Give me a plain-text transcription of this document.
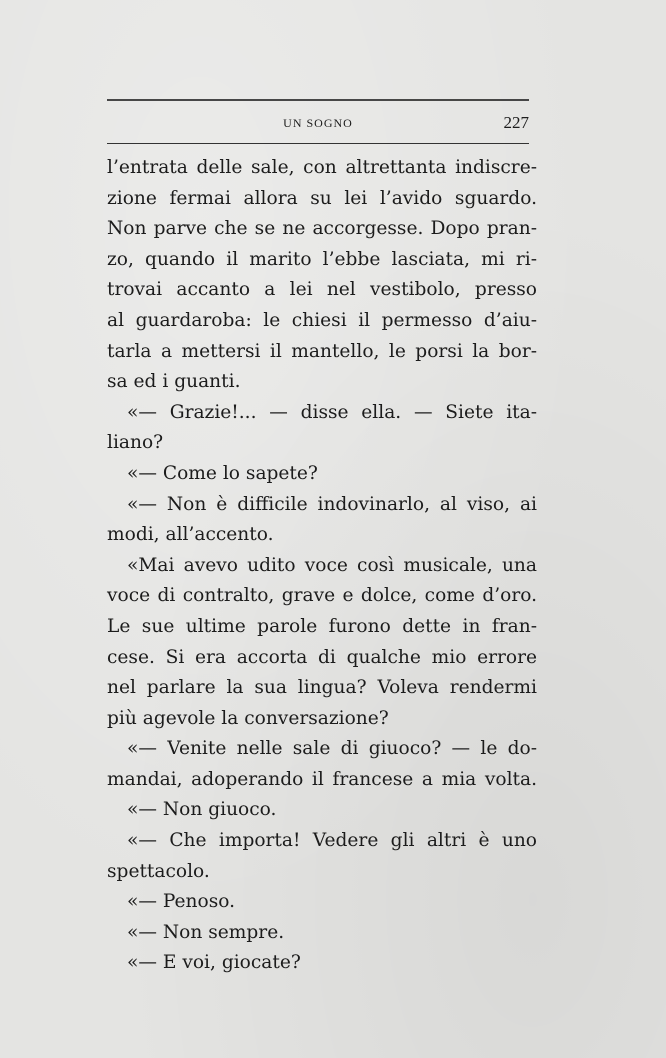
UN SOGNO	227
l’entrata delle sale, con altrettanta indiscre-
zione fermai allora su lei l’avido sguardo.
Non parve che se ne accorgesse. Dopo pran-
zo, quando il marito l’ebbe lasciata, mi ri-
trovai accanto a lei nel vestibolo, presso
al guardaroba: le chiesi il permesso d’aiu-
tarla a mettersi il mantello, le porsi la bor-
sa ed i guanti.
«— Grazie!... — disse ella. — Siete ita-
liano?
«— Come lo sapete?
«— Non è difficile indovinarlo, al viso, ai
modi, all’accento.
«Mai avevo udito voce così musicale, una
voce di contralto, grave e dolce, come d’oro.
Le sue ultime parole furono dette in fran-
cese. Si era accorta di qualche mio errore
nel parlare la sua lingua? Voleva rendermi
più agevole la conversazione?
«— Venite nelle sale di giuoco? — le do-
mandai, adoperando il francese a mia volta.
«— Non giuoco.
«— Che importa! Vedere gli altri è uno
spettacolo.
«— Penoso.
«— Non sempre.
«— E voi, giocate?
